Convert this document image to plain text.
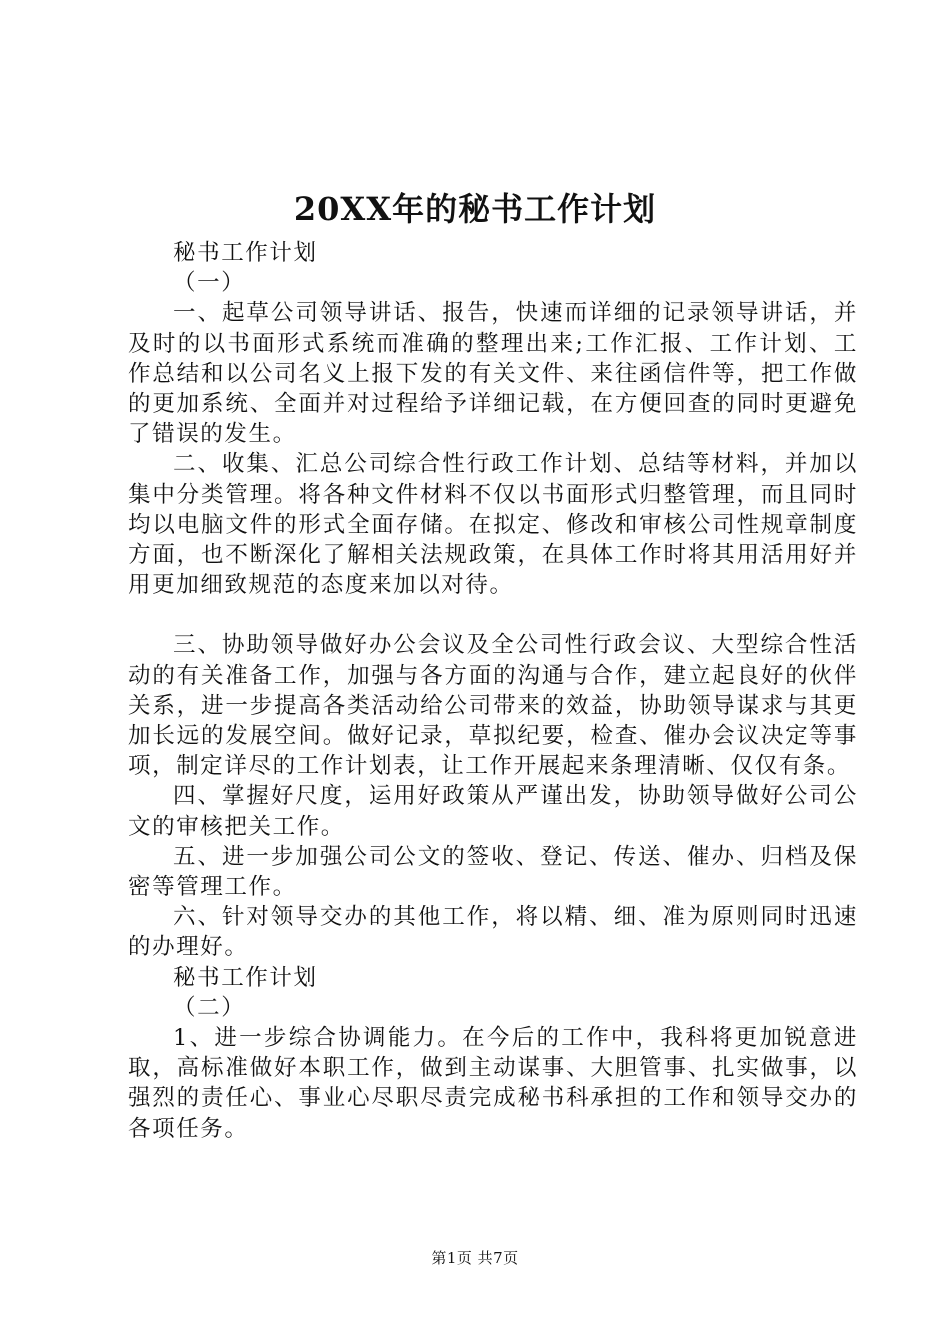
20XX年的秘书工作计划

秘书工作计划

（一）

一、起草公司领导讲话、报告，快速而详细的记录领导讲话，并及时的以书面形式系统而准确的整理出来;工作汇报、工作计划、工作总结和以公司名义上报下发的有关文件、来往函信件等，把工作做的更加系统、全面并对过程给予详细记载，在方便回查的同时更避免了错误的发生。

二、收集、汇总公司综合性行政工作计划、总结等材料，并加以集中分类管理。将各种文件材料不仅以书面形式归整管理，而且同时均以电脑文件的形式全面存储。在拟定、修改和审核公司性规章制度方面，也不断深化了解相关法规政策，在具体工作时将其用活用好并用更加细致规范的态度来加以对待。

三、协助领导做好办公会议及全公司性行政会议、大型综合性活动的有关准备工作，加强与各方面的沟通与合作，建立起良好的伙伴关系，进一步提高各类活动给公司带来的效益，协助领导谋求与其更加长远的发展空间。做好记录，草拟纪要，检查、催办会议决定等事项，制定详尽的工作计划表，让工作开展起来条理清晰、仅仅有条。

四、掌握好尺度，运用好政策从严谨出发，协助领导做好公司公文的审核把关工作。

五、进一步加强公司公文的签收、登记、传送、催办、归档及保密等管理工作。

六、针对领导交办的其他工作，将以精、细、准为原则同时迅速的办理好。

秘书工作计划

（二）

1、进一步综合协调能力。在今后的工作中，我科将更加锐意进取，高标准做好本职工作，做到主动谋事、大胆管事、扎实做事，以强烈的责任心、事业心尽职尽责完成秘书科承担的工作和领导交办的各项任务。

第1页 共7页
